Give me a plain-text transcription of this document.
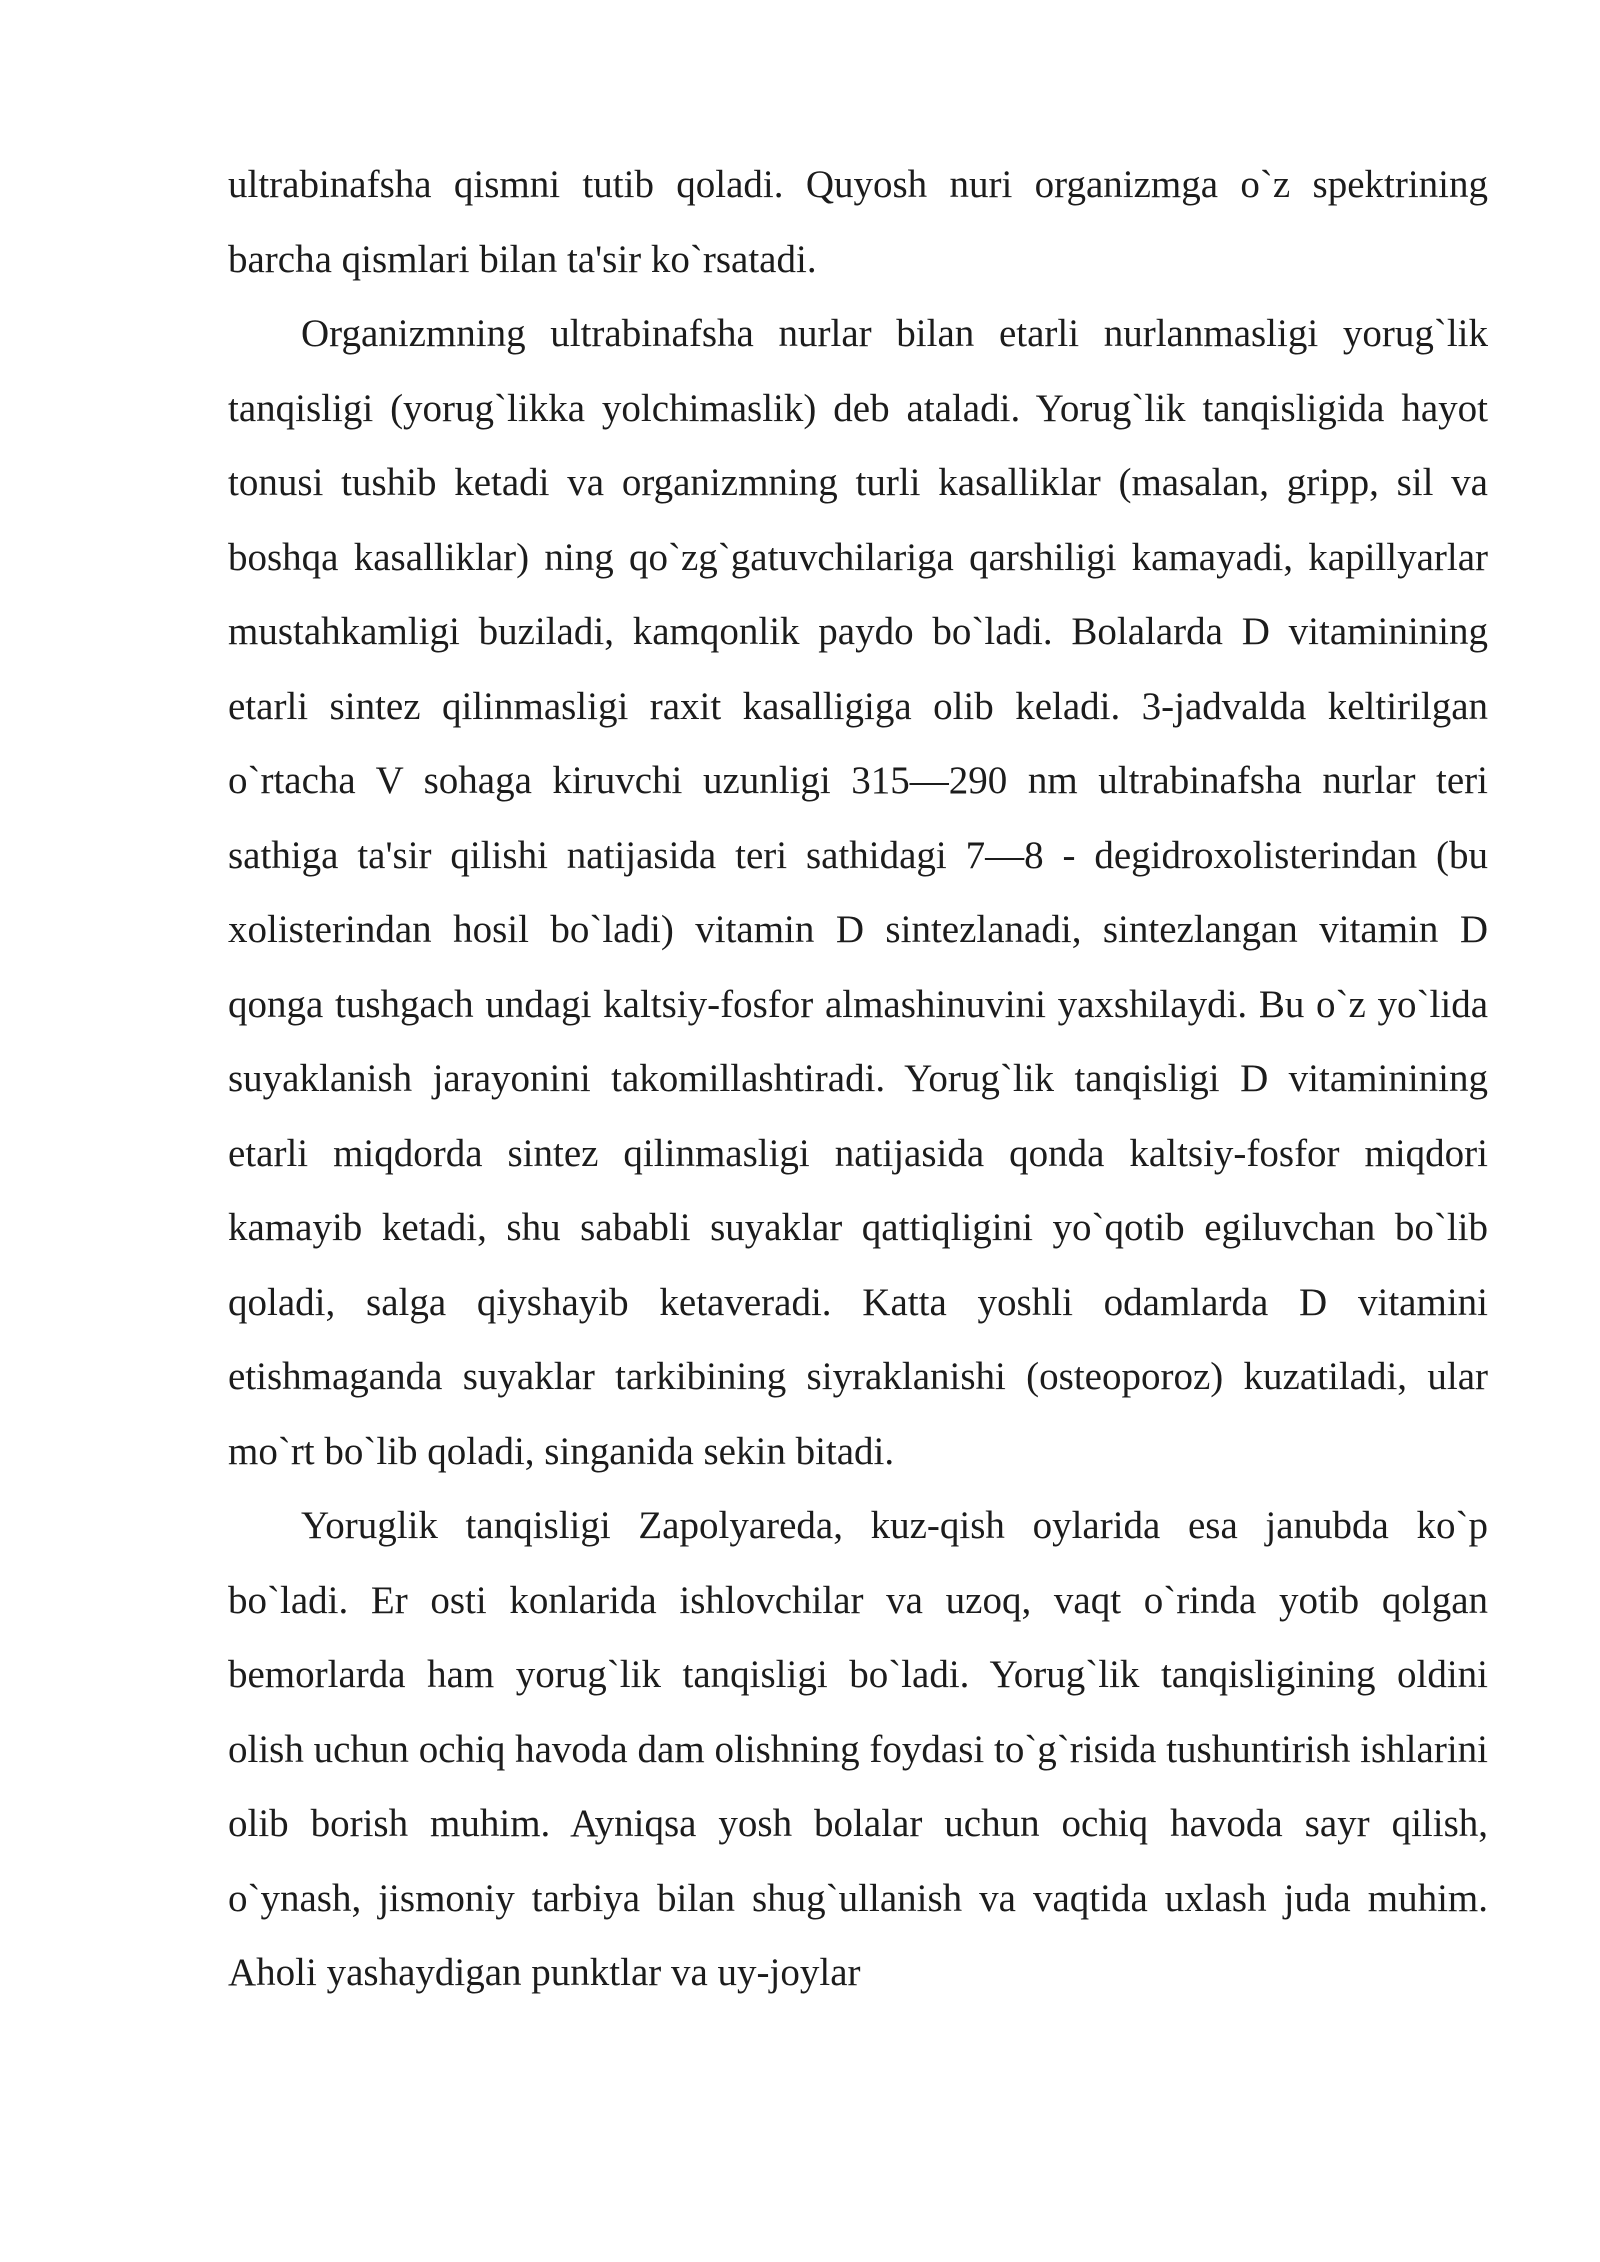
ultrabinafsha qismni tutib qoladi. Quyosh nuri organizmga o`z spektrining barcha qismlari bilan ta'sir ko`rsatadi.

Organizmning ultrabinafsha nurlar bilan etarli nurlanmasligi yorug`lik tanqisligi (yorug`likka yolchimaslik) deb ataladi. Yorug`lik tanqisligida hayot tonusi tushib ketadi va organizmning turli kasalliklar (masalan, gripp, sil va boshqa kasalliklar) ning qo`zg`gatuvchilariga qarshiligi kamayadi, kapillyarlar mustahkamligi buziladi, kamqonlik paydo bo`ladi. Bolalarda D vitaminining etarli sintez qilinmasligi raxit kasalligiga olib keladi. 3-jadvalda keltirilgan o`rtacha V sohaga kiruvchi uzunligi 315—290 nm ultrabinafsha nurlar teri sathiga ta'sir qilishi natijasida teri sathidagi 7—8 - degidroxolisterindan (bu xolisterindan hosil bo`ladi) vitamin D sintezlanadi, sintezlangan vitamin D qonga tushgach undagi kaltsiy-fosfor almashinuvini yaxshilaydi. Bu o`z yo`lida suyaklanish jarayonini takomillashtiradi. Yorug`lik tanqisligi D vitaminining etarli miqdorda sintez qilinmasligi natijasida qonda kaltsiy-fosfor miqdori kamayib ketadi, shu sababli suyaklar qattiqligini yo`qotib egiluvchan bo`lib qoladi, salga qiyshayib ketaveradi. Katta yoshli odamlarda D vitamini etishmaganda suyaklar tarkibining siyraklanishi (osteoporoz) kuzatiladi, ular mo`rt bo`lib qoladi, singanida sekin bitadi.

Yoruglik tanqisligi Zapolyareda, kuz-qish oylarida esa janubda ko`p bo`ladi. Er osti konlarida ishlovchilar va uzoq, vaqt o`rinda yotib qolgan bemorlarda ham yorug`lik tanqisligi bo`ladi. Yorug`lik tanqisligining oldini olish uchun ochiq havoda dam olishning foydasi to`g`risida tushuntirish ishlarini olib borish muhim. Ayniqsa yosh bolalar uchun ochiq havoda sayr qilish, o`ynash, jismoniy tarbiya bilan shug`ullanish va vaqtida uxlash juda muhim. Aholi yashaydigan punktlar va uy-joylar
